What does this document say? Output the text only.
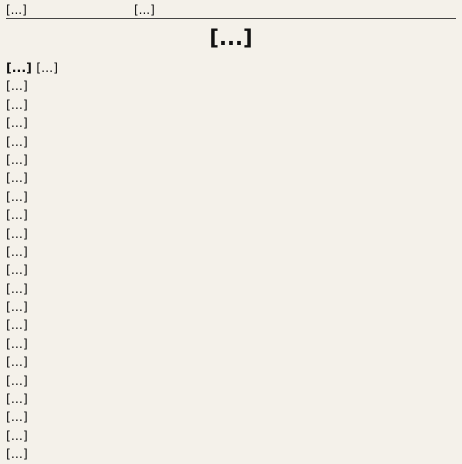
[...]	[...]
[...]
[...] [...]
[...]
[...]
[...]
[...]
[...]
[...]
[...]
[...]
[...]
[...]
[...]
[...]
[...]
[...]
[...]
[...]
[...]
[...]
[...]
[...]
[...]
